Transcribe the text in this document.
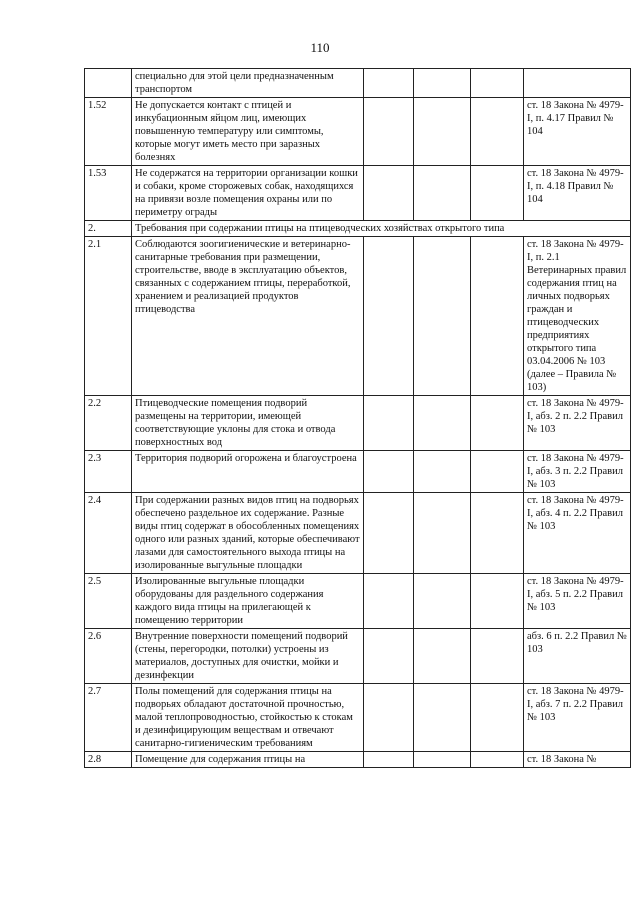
110
	специально для этой цели предназначенным транспортом				
1.52	Не допускается контакт с птицей и инкубационным яйцом лиц, имеющих повышенную температуру или симптомы, которые могут иметь место при заразных болезнях				ст. 18 Закона № 4979-I, п. 4.17 Правил № 104
1.53	Не содержатся на территории организации кошки и собаки, кроме сторожевых собак, находящихся на привязи возле помещения охраны или по периметру ограды				ст. 18 Закона № 4979-I, п. 4.18 Правил № 104
2.	Требования при содержании птицы на птицеводческих хозяйствах открытого типа				
2.1	Соблюдаются зоогигиенические и ветеринарно-санитарные требования при размещении, строительстве, вводе в эксплуатацию объектов, связанных с содержанием птицы, переработкой, хранением и реализацией продуктов птицеводства				ст. 18 Закона № 4979-I, п. 2.1 Ветеринарных правил содержания птиц на личных подворьях граждан и птицеводческих предприятиях открытого типа 03.04.2006 № 103 (далее – Правила № 103)
2.2	Птицеводческие помещения подворий размещены на территории, имеющей соответствующие уклоны для стока и отвода поверхностных вод				ст. 18 Закона № 4979-I, абз. 2 п. 2.2 Правил № 103
2.3	Территория подворий огорожена и благоустроена				ст. 18 Закона № 4979-I, абз. 3 п. 2.2 Правил № 103
2.4	При содержании разных видов птиц на подворьях обеспечено раздельное их содержание. Разные виды птиц содержат в обособленных помещениях одного или разных зданий, которые обеспечивают лазами для самостоятельного выхода птицы на изолированные выгульные площадки				ст. 18 Закона № 4979-I, абз. 4 п. 2.2 Правил № 103
2.5	Изолированные выгульные площадки оборудованы для раздельного содержания каждого вида птицы на прилегающей к помещению территории				ст. 18 Закона № 4979-I, абз. 5 п. 2.2 Правил № 103
2.6	Внутренние поверхности помещений подворий (стены, перегородки, потолки) устроены из материалов, доступных для очистки, мойки и дезинфекции				абз. 6 п. 2.2 Правил № 103
2.7	Полы помещений для содержания птицы на подворьях обладают достаточной прочностью, малой теплопроводностью, стойкостью к стокам и дезинфицирующим веществам и отвечают санитарно-гигиеническим требованиям				ст. 18 Закона № 4979-I, абз. 7 п. 2.2 Правил № 103
2.8	Помещение для содержания птицы на				ст. 18 Закона №
